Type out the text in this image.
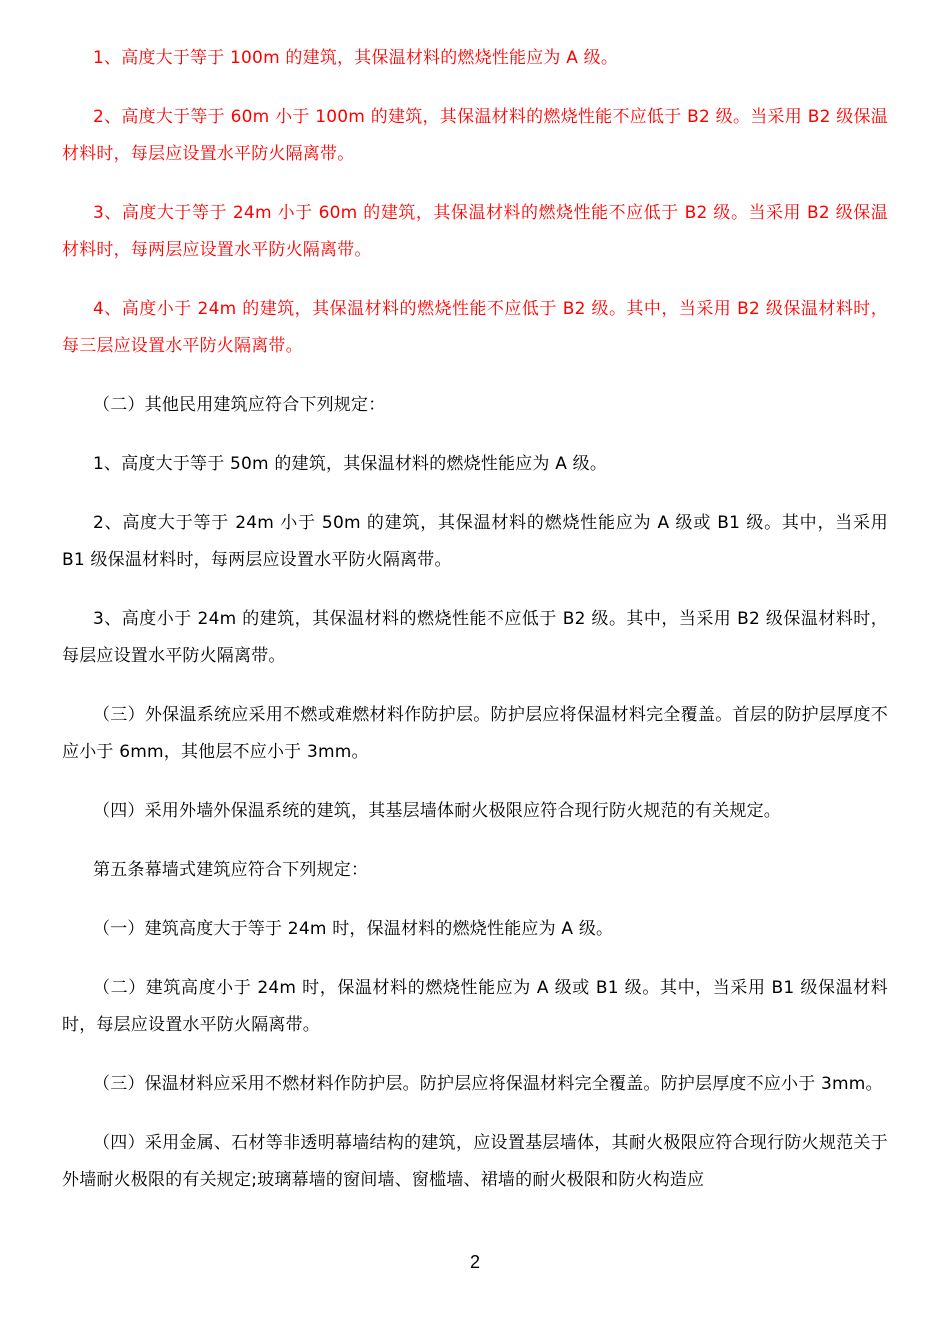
1、高度大于等于 100m 的建筑，其保温材料的燃烧性能应为 A 级。

2、高度大于等于 60m 小于 100m 的建筑，其保温材料的燃烧性能不应低于 B2 级。当采用 B2 级保温材料时，每层应设置水平防火隔离带。

3、高度大于等于 24m 小于 60m 的建筑，其保温材料的燃烧性能不应低于 B2 级。当采用 B2 级保温材料时，每两层应设置水平防火隔离带。

4、高度小于 24m 的建筑，其保温材料的燃烧性能不应低于 B2 级。其中，当采用 B2 级保温材料时，每三层应设置水平防火隔离带。

（二）其他民用建筑应符合下列规定：

1、高度大于等于 50m 的建筑，其保温材料的燃烧性能应为 A 级。

2、高度大于等于 24m 小于 50m 的建筑，其保温材料的燃烧性能应为 A 级或 B1 级。其中，当采用 B1 级保温材料时，每两层应设置水平防火隔离带。

3、高度小于 24m 的建筑，其保温材料的燃烧性能不应低于 B2 级。其中，当采用 B2 级保温材料时，每层应设置水平防火隔离带。

（三）外保温系统应采用不燃或难燃材料作防护层。防护层应将保温材料完全覆盖。首层的防护层厚度不应小于 6mm，其他层不应小于 3mm。

（四）采用外墙外保温系统的建筑，其基层墙体耐火极限应符合现行防火规范的有关规定。

第五条幕墙式建筑应符合下列规定：

（一）建筑高度大于等于 24m 时，保温材料的燃烧性能应为 A 级。

（二）建筑高度小于 24m 时，保温材料的燃烧性能应为 A 级或 B1 级。其中，当采用 B1 级保温材料时，每层应设置水平防火隔离带。

（三）保温材料应采用不燃材料作防护层。防护层应将保温材料完全覆盖。防护层厚度不应小于 3mm。

（四）采用金属、石材等非透明幕墙结构的建筑，应设置基层墙体，其耐火极限应符合现行防火规范关于外墙耐火极限的有关规定;玻璃幕墙的窗间墙、窗槛墙、裙墙的耐火极限和防火构造应

2
